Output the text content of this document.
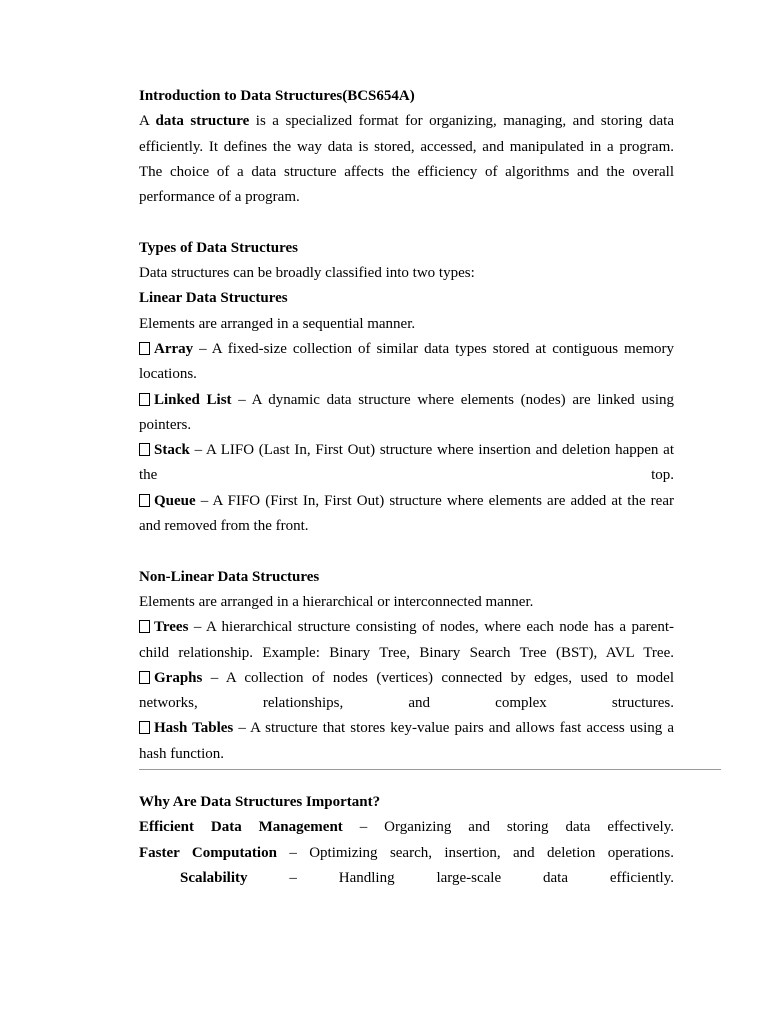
Introduction to Data Structures(BCS654A)
A data structure is a specialized format for organizing, managing, and storing data
efficiently. It defines the way data is stored, accessed, and manipulated in a program.
The choice of a data structure affects the efficiency of algorithms and the overall
performance of a program.
Types of Data Structures
Data structures can be broadly classified into two types:
Linear Data Structures
Elements are arranged in a sequential manner.
Array – A fixed-size collection of similar data types stored at contiguous memory
locations.
Linked List – A dynamic data structure where elements (nodes) are linked using
pointers.
Stack – A LIFO (Last In, First Out) structure where insertion and deletion happen at
the top.
Queue – A FIFO (First In, First Out) structure where elements are added at the rear
and removed from the front.
Non-Linear Data Structures
Elements are arranged in a hierarchical or interconnected manner.
Trees – A hierarchical structure consisting of nodes, where each node has a parent-
child relationship. Example: Binary Tree, Binary Search Tree (BST), AVL Tree.
Graphs – A collection of nodes (vertices) connected by edges, used to model
networks, relationships, and complex structures.
Hash Tables – A structure that stores key-value pairs and allows fast access using a
hash function.
Why Are Data Structures Important?
Efficient Data Management – Organizing and storing data effectively.
Faster Computation – Optimizing search, insertion, and deletion operations.
Scalability – Handling large-scale data efficiently.
